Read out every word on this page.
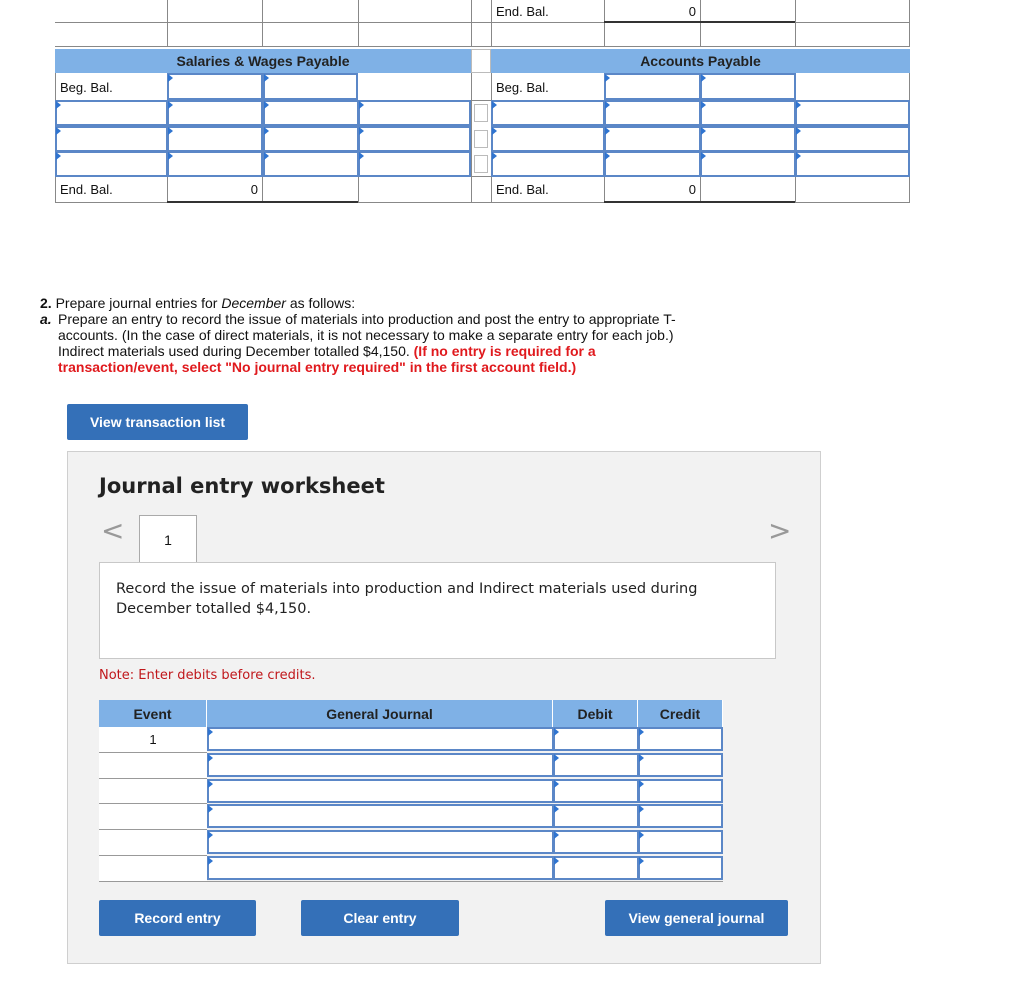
End. Bal.	0
Salaries & Wages Payable	Accounts Payable
Beg. Bal.	Beg. Bal.
End. Bal.	0	End. Bal.	0
2. Prepare journal entries for December as follows:
a. Prepare an entry to record the issue of materials into production and post the entry to appropriate T-accounts. (In the case of direct materials, it is not necessary to make a separate entry for each job.) Indirect materials used during December totalled $4,150. (If no entry is required for a transaction/event, select "No journal entry required" in the first account field.)
View transaction list
Journal entry worksheet
<	>
1
Record the issue of materials into production and Indirect materials used during December totalled $4,150.
Note: Enter debits before credits.
Event	General Journal	Debit	Credit
1
Record entry	Clear entry	View general journal
